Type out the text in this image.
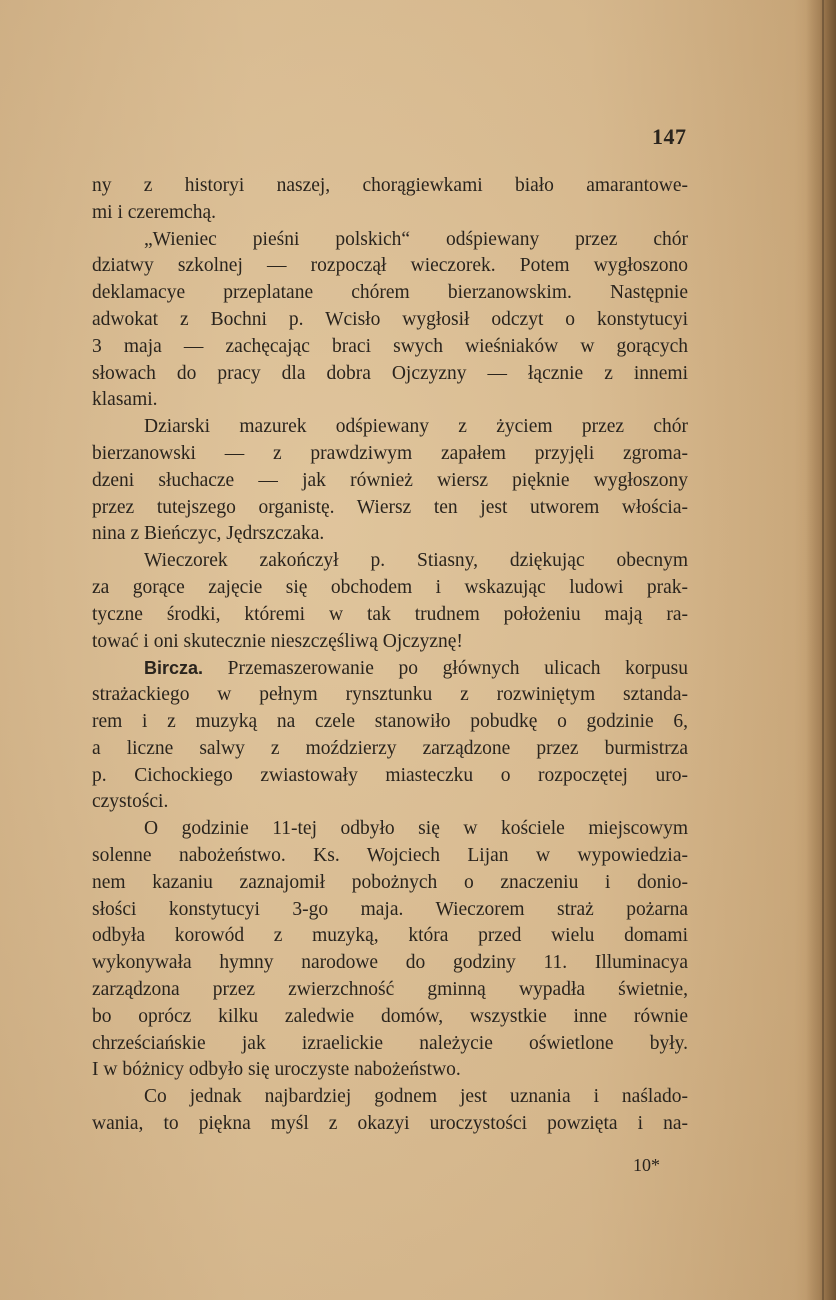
147
ny z historyi naszej, chorągiewkami biało amarantowe-
mi i czeremchą.
„Wieniec pieśni polskich“ odśpiewany przez chór
dziatwy szkolnej — rozpoczął wieczorek. Potem wygłoszono
deklamacye przeplatane chórem bierzanowskim. Następnie
adwokat z Bochni p. Wcisło wygłosił odczyt o konstytucyi
3 maja — zachęcając braci swych wieśniaków w gorących
słowach do pracy dla dobra Ojczyzny — łącznie z innemi
klasami.
Dziarski mazurek odśpiewany z życiem przez chór
bierzanowski — z prawdziwym zapałem przyjęli zgroma-
dzeni słuchacze — jak również wiersz pięknie wygłoszony
przez tutejszego organistę. Wiersz ten jest utworem włościa-
nina z Bieńczyc, Jędrszczaka.
Wieczorek zakończył p. Stiasny, dziękując obecnym
za gorące zajęcie się obchodem i wskazując ludowi prak-
tyczne środki, któremi w tak trudnem położeniu mają ra-
tować i oni skutecznie nieszczęśliwą Ojczyznę!
Bircza. Przemaszerowanie po głównych ulicach korpusu
strażackiego w pełnym rynsztunku z rozwiniętym sztanda-
rem i z muzyką na czele stanowiło pobudkę o godzinie 6,
a liczne salwy z moździerzy zarządzone przez burmistrza
p. Cichockiego zwiastowały miasteczku o rozpoczętej uro-
czystości.
O godzinie 11-tej odbyło się w kościele miejscowym
solenne nabożeństwo. Ks. Wojciech Lijan w wypowiedzia-
nem kazaniu zaznajomił pobożnych o znaczeniu i donio-
słości konstytucyi 3-go maja. Wieczorem straż pożarna
odbyła korowód z muzyką, która przed wielu domami
wykonywała hymny narodowe do godziny 11. Illuminacya
zarządzona przez zwierzchność gminną wypadła świetnie,
bo oprócz kilku zaledwie domów, wszystkie inne równie
chrześciańskie jak izraelickie należycie oświetlone były.
I w bóżnicy odbyło się uroczyste nabożeństwo.
Co jednak najbardziej godnem jest uznania i naślado-
wania, to piękna myśl z okazyi uroczystości powzięta i na-
10*
